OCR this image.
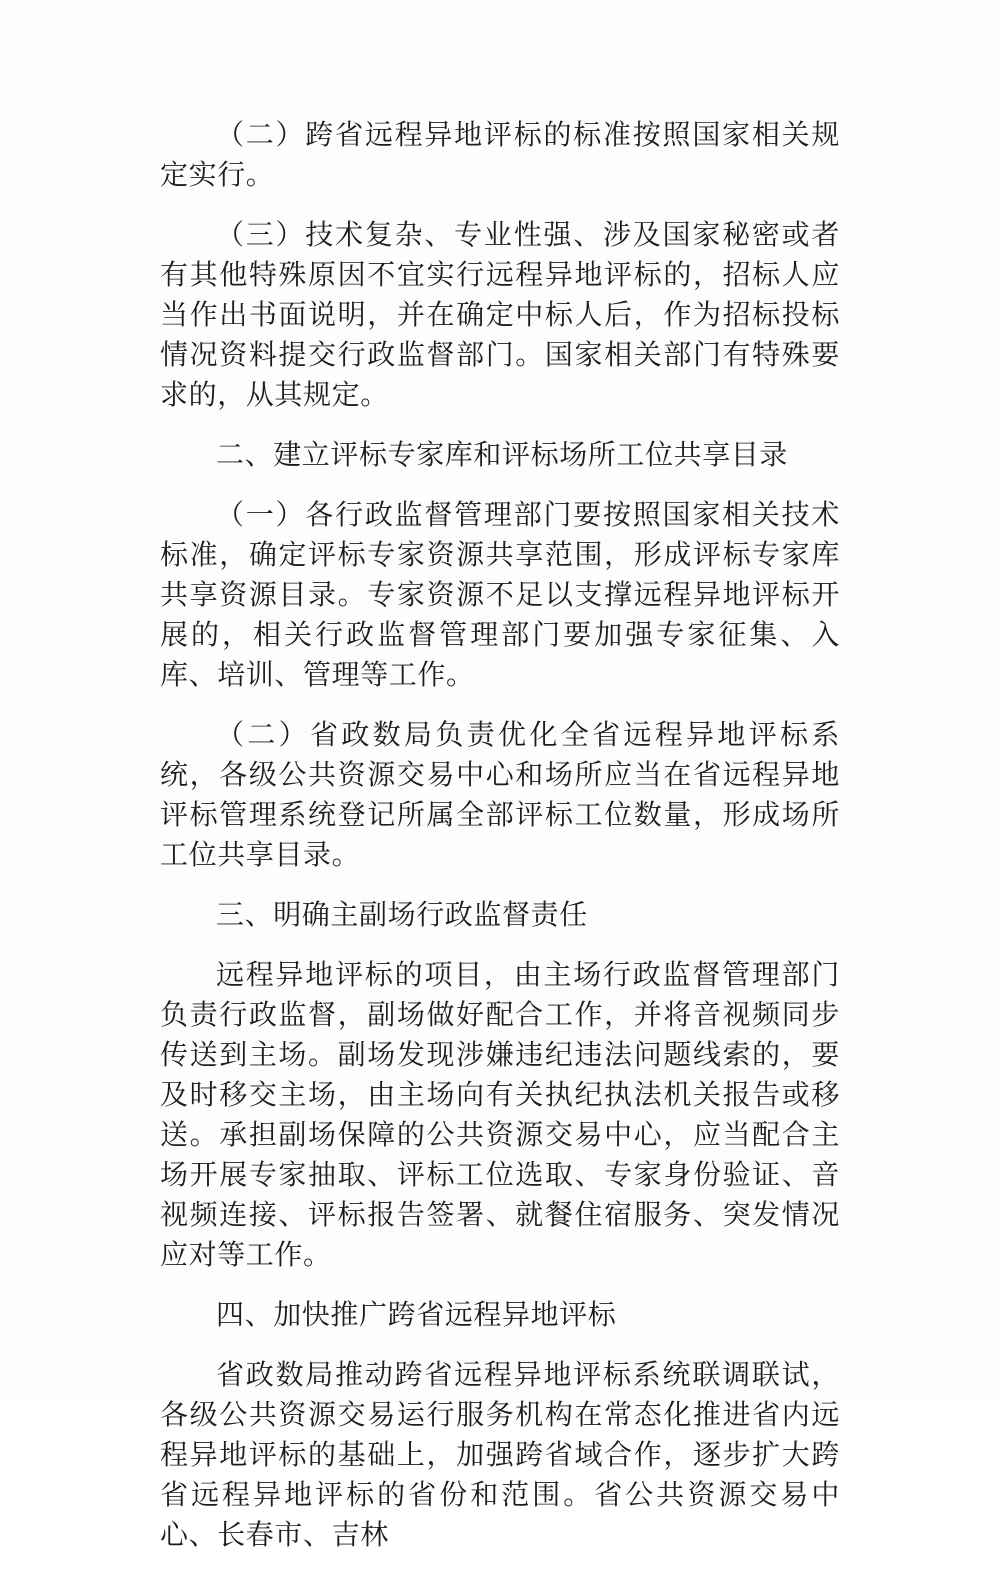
（二）跨省远程异地评标的标准按照国家相关规定实行。

（三）技术复杂、专业性强、涉及国家秘密或者有其他特殊原因不宜实行远程异地评标的，招标人应当作出书面说明，并在确定中标人后，作为招标投标情况资料提交行政监督部门。国家相关部门有特殊要求的，从其规定。

二、建立评标专家库和评标场所工位共享目录

（一）各行政监督管理部门要按照国家相关技术标准，确定评标专家资源共享范围，形成评标专家库共享资源目录。专家资源不足以支撑远程异地评标开展的，相关行政监督管理部门要加强专家征集、入库、培训、管理等工作。

（二）省政数局负责优化全省远程异地评标系统，各级公共资源交易中心和场所应当在省远程异地评标管理系统登记所属全部评标工位数量，形成场所工位共享目录。

三、明确主副场行政监督责任

远程异地评标的项目，由主场行政监督管理部门负责行政监督，副场做好配合工作，并将音视频同步传送到主场。副场发现涉嫌违纪违法问题线索的，要及时移交主场，由主场向有关执纪执法机关报告或移送。承担副场保障的公共资源交易中心，应当配合主场开展专家抽取、评标工位选取、专家身份验证、音视频连接、评标报告签署、就餐住宿服务、突发情况应对等工作。

四、加快推广跨省远程异地评标

省政数局推动跨省远程异地评标系统联调联试，各级公共资源交易运行服务机构在常态化推进省内远程异地评标的基础上，加强跨省域合作，逐步扩大跨省远程异地评标的省份和范围。省公共资源交易中心、长春市、吉林
